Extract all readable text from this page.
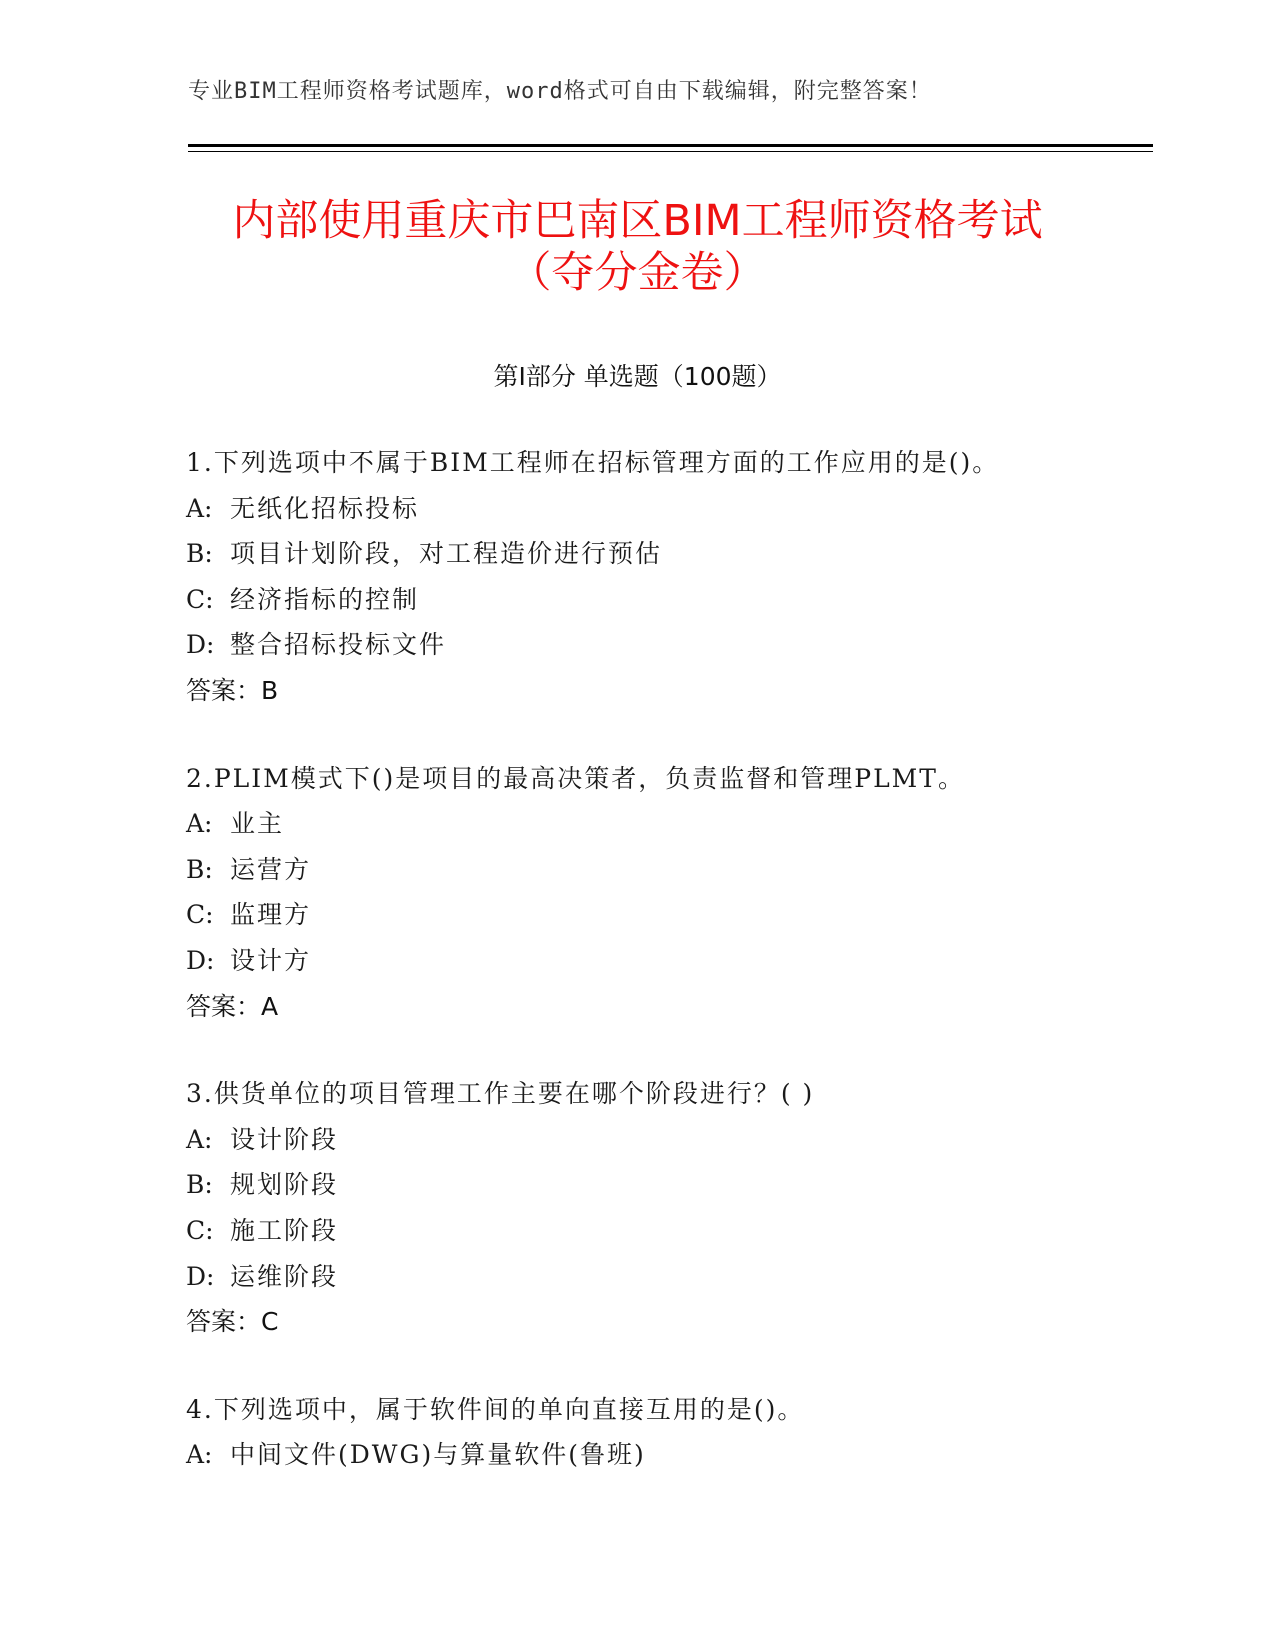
专业BIM工程师资格考试题库，word格式可自由下载编辑，附完整答案！
内部使用重庆市巴南区BIM工程师资格考试
（夺分金卷）
第Ⅰ部分 单选题（100题）
1.下列选项中不属于BIM工程师在招标管理方面的工作应用的是()。
A: 无纸化招标投标
B: 项目计划阶段，对工程造价进行预估
C: 经济指标的控制
D: 整合招标投标文件
答案：B
2.PLIM模式下()是项目的最高决策者，负责监督和管理PLMT。
A: 业主
B: 运营方
C: 监理方
D: 设计方
答案：A
3.供货单位的项目管理工作主要在哪个阶段进行？( )
A: 设计阶段
B: 规划阶段
C: 施工阶段
D: 运维阶段
答案：C
4.下列选项中，属于软件间的单向直接互用的是()。
A: 中间文件(DWG)与算量软件(鲁班)
